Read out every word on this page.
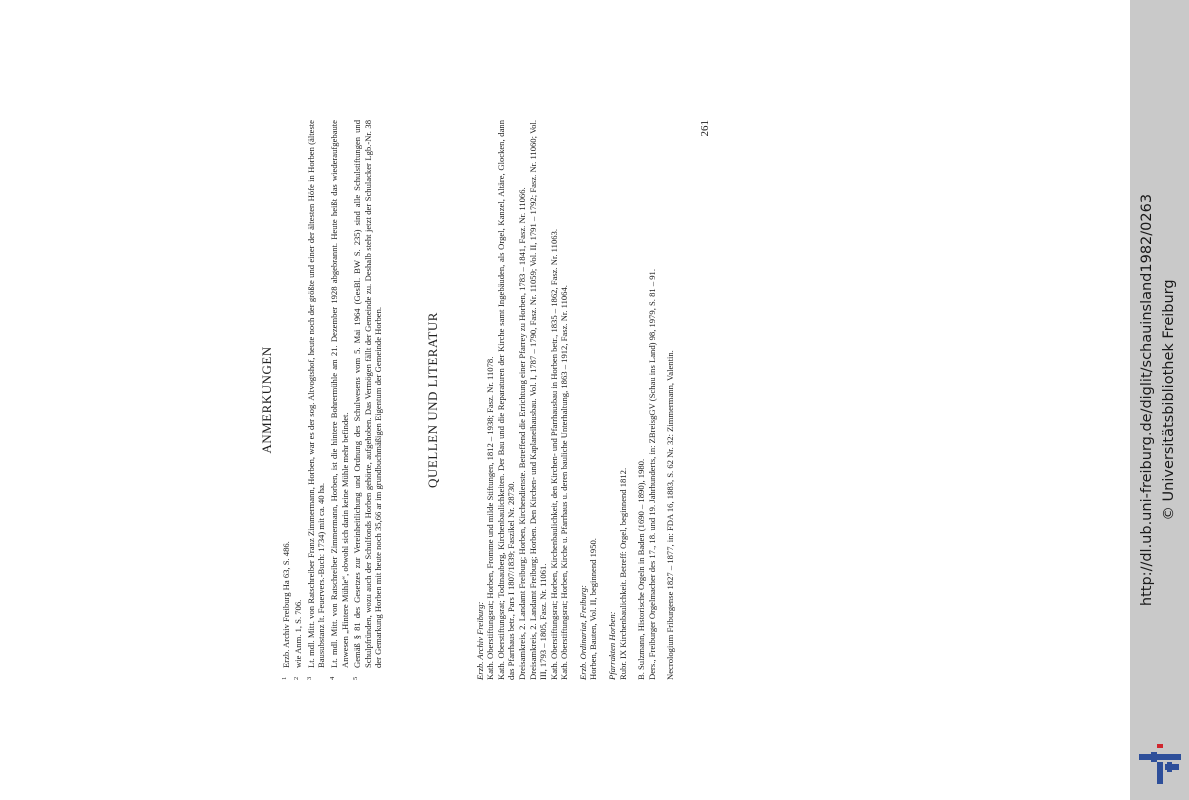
ANMERKUNGEN
1
Erzb. Archiv Freiburg Ha 63, S. 486.
2
wie Anm. 1, S. 706.
3
Lt. mdl. Mitt. von Ratschreiber Franz Zimmermann, Horben, war es der sog. Altvogtshof, heute noch der größte und einer der ältesten Höfe in Horben (älteste Bausubstanz lt. Feuervers.-Buch: 1734) mit ca. 40 ha.
4
Lt. mdl. Mitt. von Ratschreiber Zimmermann, Horben, ist die hintere Bohrermühle am 21. Dezember 1928 abgebrannt. Heute heißt das wiederaufgebaute Anwesen „Hintere Mühle“, obwohl sich darin keine Mühle mehr befindet.
5
Gemäß § 81 des Gesetzes zur Vereinheitlichung und Ordnung des Schulwesens vom 5. Mai 1964 (GesBl. BW S. 235) sind alle Schulstiftungen und Schulpfründen, wozu auch der Schulfonds Horben gehörte, aufgehoben. Das Vermögen fällt der Gemeinde zu. Deshalb steht jetzt der Schulacker Lgb.-Nr. 38 der Gemarkung Horben mit heute noch 35,66 ar im grundbuchmäßigen Eigentum der Gemeinde Horben.	QUELLEN UND LITERATUR
Erzb. Archiv Freiburg: Kath. Oberstiftungsrat; Horben, Fromme und milde Stiftungen, 1812 – 1938; Fasz. Nr. 11078. Kath. Oberstiftungsrat; Todtnauberg, Kirchenbaulichkeiten. Der Bau und die Reparaturen der Kirche samt Ingebäuden, als Orgel, Kanzel, Altäre, Glocken, dann das Pfarrhaus betr., Pars I 1807/1839; Faszikel Nr. 28730. Dreisamkreis, 2. Landamt Freiburg; Horben, Kirchendienste. Betreffend die Errichtung einer Pfarrey zu Horben, 1783 – 1841, Fasz. Nr. 11066. Dreisamkreis, 2. Landamt Freiburg; Horben. Den Kirchen- und Kaplaneihausbau. Vol. I, 1787 – 1790, Fasz. Nr. 11059; Vol. II, 1791 – 1792; Fasz. Nr. 11060; Vol. III, 1793 – 1805, Fasz. Nr. 11061. Kath. Oberstiftungsrat; Horben, Kirchenbaulichkeit, den Kirchen- und Pfarrhausbau in Horben betr., 1835 – 1862, Fasz. Nr. 11063. Kath. Oberstiftungsrat; Horben, Kirche u. Pfarrhaus u. deren bauliche Unterhaltung, 1863 – 1912, Fasz. Nr. 11064. Erzb. Ordinariat, Freiburg: Horben, Bauten, Vol. II, beginnend 1950. Pfarrakten Horben: Rubr. IX Kirchenbaulichkeit. Betreff: Orgel, beginnend 1812. B. Sulzmann, Historische Orgeln in Baden (1690 – 1890), 1980. Ders., Freiburger Orgelmacher des 17., 18. und 19. Jahrhunderts, in: ZBreisgGV (Schau ins Land) 98, 1979, S. 81 – 91. Necrologium Friburgense 1827 – 1877, in: FDA 16, 1883, S. 62 Nr. 32: Zimmermann, Valentin.
261
http://dl.ub.uni-freiburg.de/diglit/schauinsland1982/0263 © Universitätsbibliothek Freiburg
